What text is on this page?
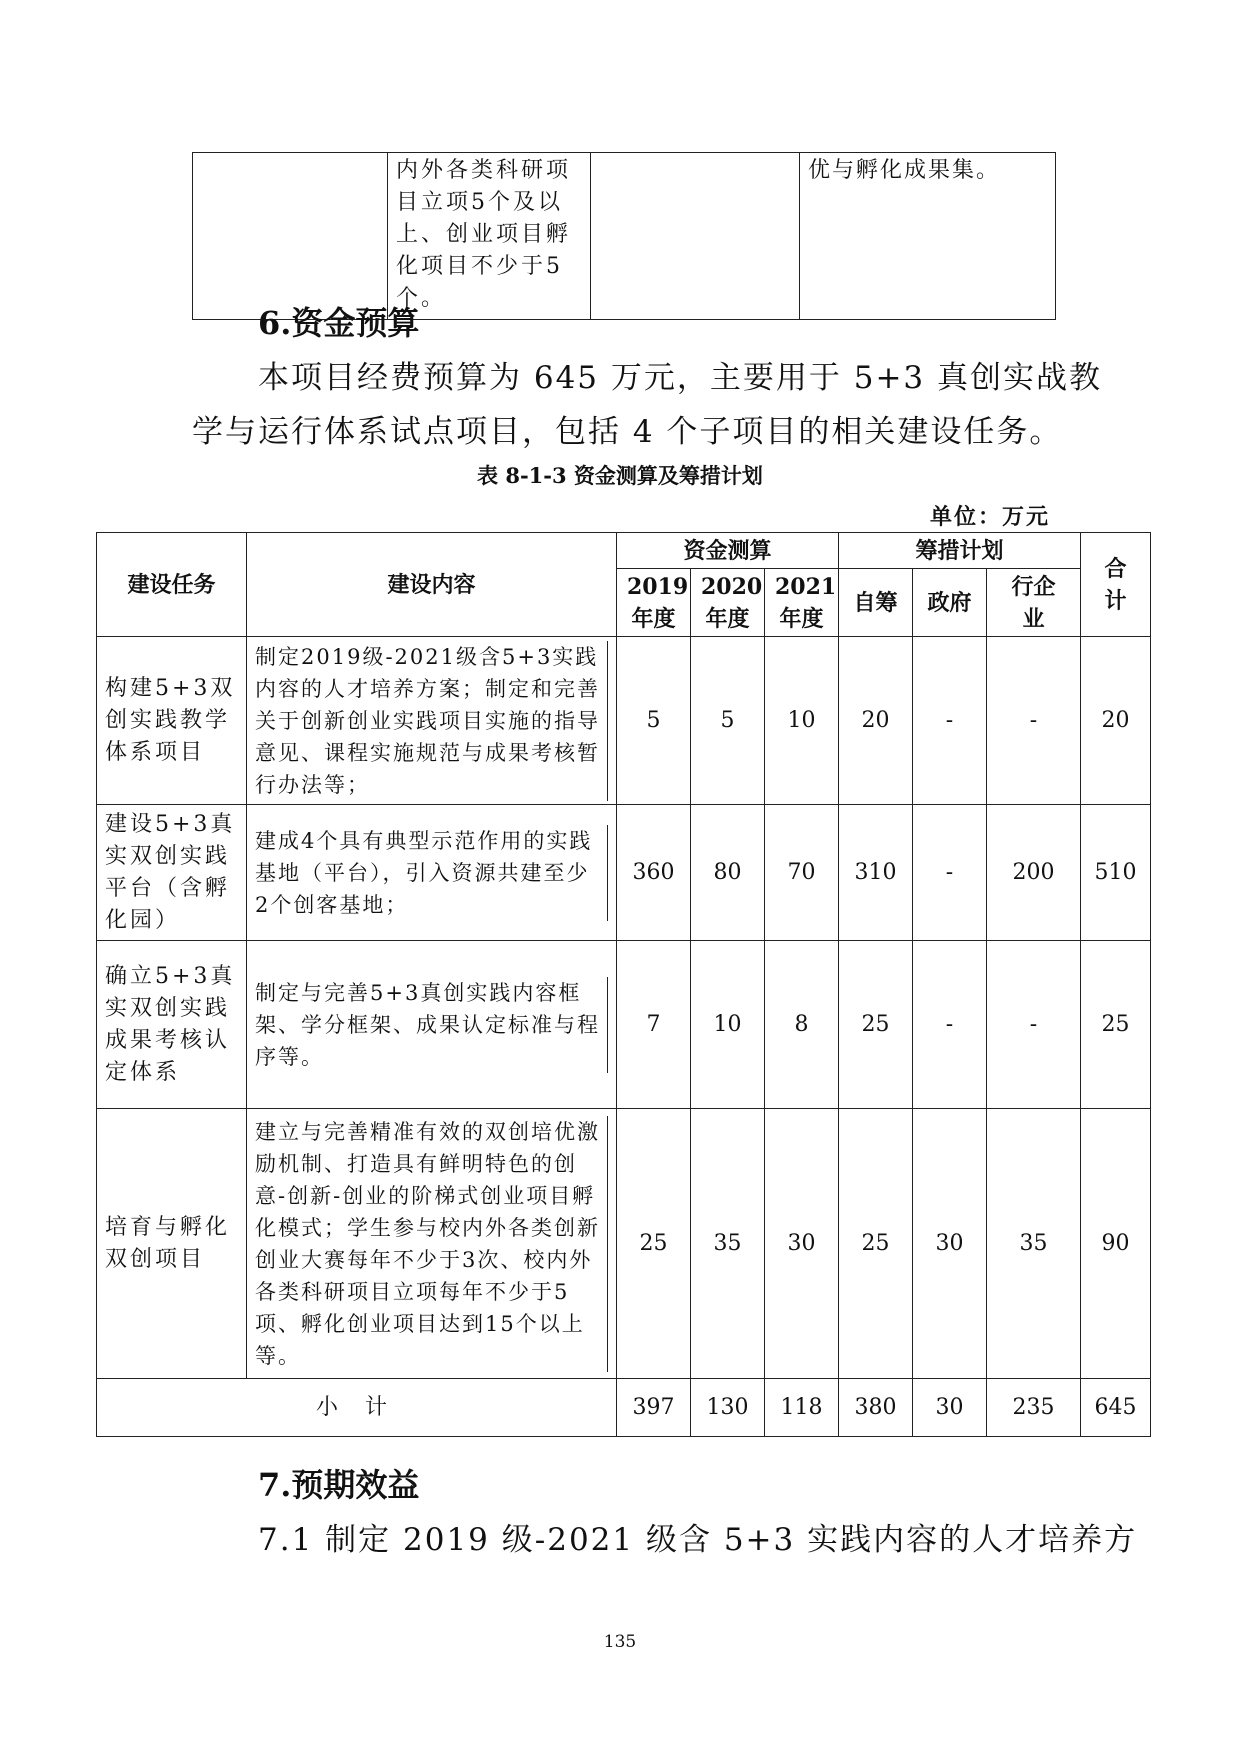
	内外各类科研项目立项5个及以上、创业项目孵化项目不少于5个。		优与孵化成果集。
6.资金预算
本项目经费预算为 645 万元，主要用于 5+3 真创实战教
学与运行体系试点项目，包括 4 个子项目的相关建设任务。
表 8-1-3 资金测算及筹措计划
单位：万元
建设任务	建设内容	资金测算			筹措计划			合计
		2019年度	2020年度	2021年度	自筹	政府	行企业	
构建5+3双创实践教学体系项目	制定2019级-2021级含5+3实践内容的人才培养方案；制定和完善关于创新创业实践项目实施的指导意见、课程实施规范与成果考核暂行办法等；	5	5	10	20	-	-	20
建设5+3真实双创实践平台（含孵化园）	建成4个具有典型示范作用的实践基地（平台），引入资源共建至少2个创客基地；	360	80	70	310	-	200	510
确立5+3真实双创实践成果考核认定体系	制定与完善5+3真创实践内容框架、学分框架、成果认定标准与程序等。	7	10	8	25	-	-	25
培育与孵化双创项目	建立与完善精准有效的双创培优激励机制、打造具有鲜明特色的创意-创新-创业的阶梯式创业项目孵化模式；学生参与校内外各类创新创业大赛每年不少于3次、校内外各类科研项目立项每年不少于5项、孵化创业项目达到15个以上等。	25	35	30	25	30	35	90
小 计		397	130	118	380	30	235	645
7.预期效益
7.1 制定 2019 级-2021 级含 5+3 实践内容的人才培养方
135
